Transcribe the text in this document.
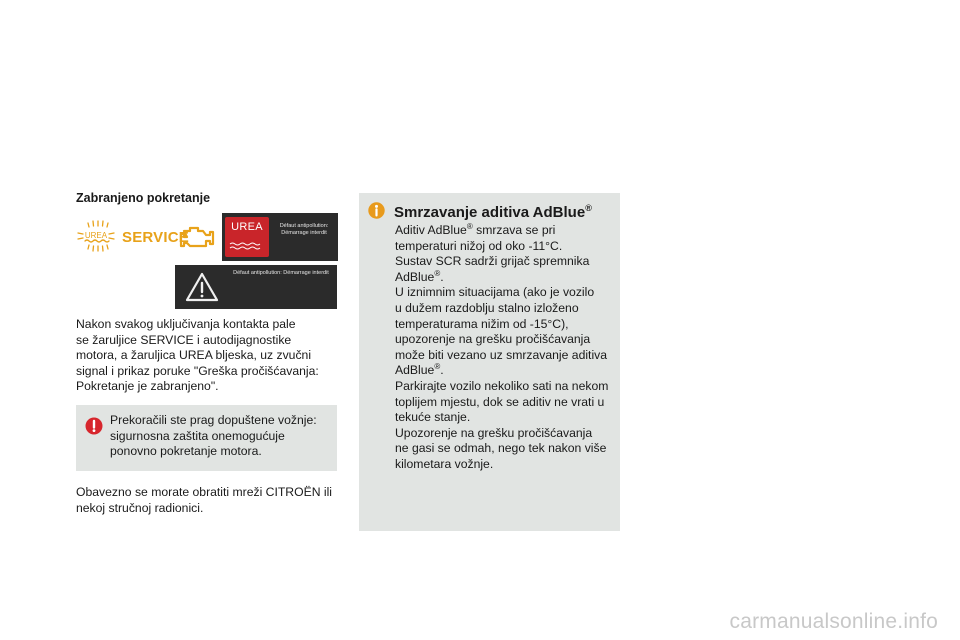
Zabranjeno pokretanje
UREA SERVICE
UREA	Défaut antipollution: Démarrage interdit
Défaut antipollution: Démarrage interdit
Nakon svakog uključivanja kontakta pale
se žaruljice SERVICE i autodijagnostike
motora, a žaruljica UREA bljeska, uz zvučni
signal i prikaz poruke "Greška pročišćavanja:
Pokretanje je zabranjeno".
Prekoračili ste prag dopuštene vožnje:
sigurnosna zaštita onemogućuje
ponovno pokretanje motora.
Obavezno se morate obratiti mreži CITROËN ili
nekoj stručnoj radionici.
Smrzavanje aditiva AdBlue®
Aditiv AdBlue® smrzava se pri
temperaturi nižoj od oko -11°C.
Sustav SCR sadrži grijač spremnika
AdBlue®.
U iznimnim situacijama (ako je vozilo
u dužem razdoblju stalno izloženo
temperaturama nižim od -15°C),
upozorenje na grešku pročišćavanja
može biti vezano uz smrzavanje aditiva
AdBlue®.
Parkirajte vozilo nekoliko sati na nekom
toplijem mjestu, dok se aditiv ne vrati u
tekuće stanje.
Upozorenje na grešku pročišćavanja
ne gasi se odmah, nego tek nakon više
kilometara vožnje.
carmanualsonline.info
